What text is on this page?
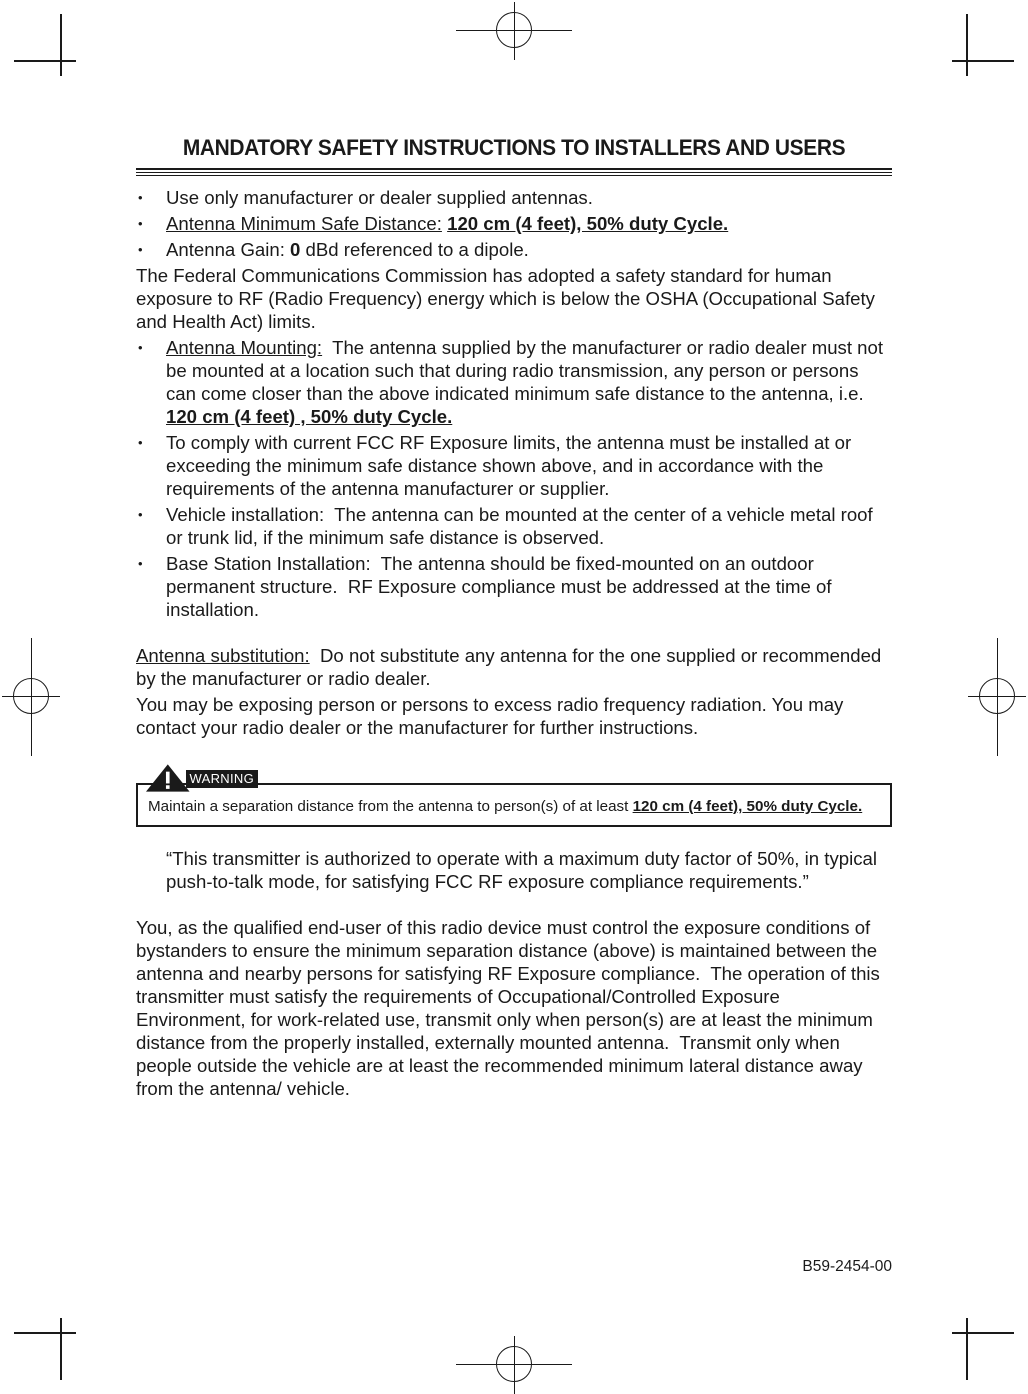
MANDATORY SAFETY INSTRUCTIONS TO INSTALLERS AND USERS
• Use only manufacturer or dealer supplied antennas.
• Antenna Minimum Safe Distance: 120 cm (4 feet), 50% duty Cycle.
• Antenna Gain: 0 dBd referenced to a dipole.

The Federal Communications Commission has adopted a safety standard for human exposure to RF (Radio Frequency) energy which is below the OSHA (Occupational Safety and Health Act) limits.

• Antenna Mounting:  The antenna supplied by the manufacturer or radio dealer must not be mounted at a location such that during radio transmission, any person or persons can come closer than the above indicated minimum safe distance to the antenna, i.e. 120 cm (4 feet) , 50% duty Cycle.
• To comply with current FCC RF Exposure limits, the antenna must be installed at or exceeding the minimum safe distance shown above, and in accordance with the requirements of the antenna manufacturer or supplier.
• Vehicle installation:  The antenna can be mounted at the center of a vehicle metal roof or trunk lid, if the minimum safe distance is observed.
• Base Station Installation:  The antenna should be fixed-mounted on an outdoor permanent structure.  RF Exposure compliance must be addressed at the time of installation.

Antenna substitution:  Do not substitute any antenna for the one supplied or recommended by the manufacturer or radio dealer.

You may be exposing person or persons to excess radio frequency radiation. You may contact your radio dealer or the manufacturer for further instructions.

WARNING
Maintain a separation distance from the antenna to person(s) of at least 120 cm (4 feet), 50% duty Cycle.

“This transmitter is authorized to operate with a maximum duty factor of 50%, in typical push-to-talk mode, for satisfying FCC RF exposure compliance requirements.”

You, as the qualified end-user of this radio device must control the exposure conditions of bystanders to ensure the minimum separation distance (above) is maintained between the antenna and nearby persons for satisfying RF Exposure compliance.  The operation of this transmitter must satisfy the requirements of Occupational/Controlled Exposure Environment, for work-related use, transmit only when person(s) are at least the minimum distance from the properly installed, externally mounted antenna.  Transmit only when people outside the vehicle are at least the recommended minimum lateral distance away from the antenna/ vehicle.

B59-2454-00
